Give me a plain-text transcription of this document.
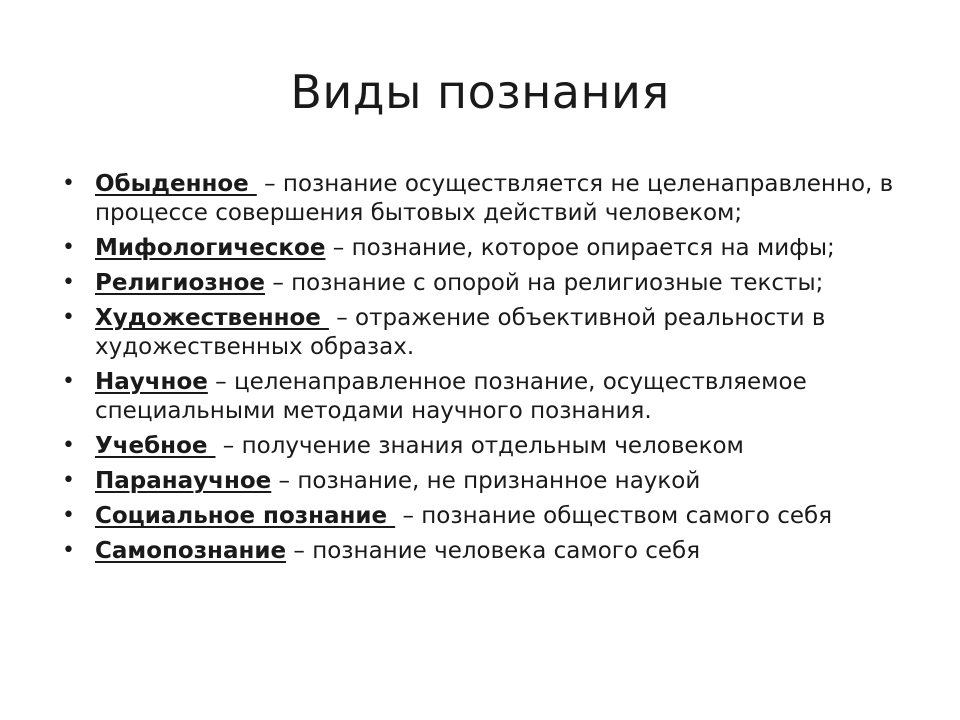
Виды познания
• Обыденное  – познание осуществляется не целенаправленно, в процессе совершения бытовых действий человеком;
• Мифологическое – познание, которое опирается на мифы;
• Религиозное – познание с опорой на религиозные тексты;
• Художественное  – отражение объективной реальности в художественных образах.
• Научное – целенаправленное познание, осуществляемое специальными методами научного познания.
• Учебное  – получение знания отдельным человеком
• Паранаучное – познание, не признанное наукой
• Социальное познание  – познание обществом самого себя
• Самопознание – познание человека самого себя
